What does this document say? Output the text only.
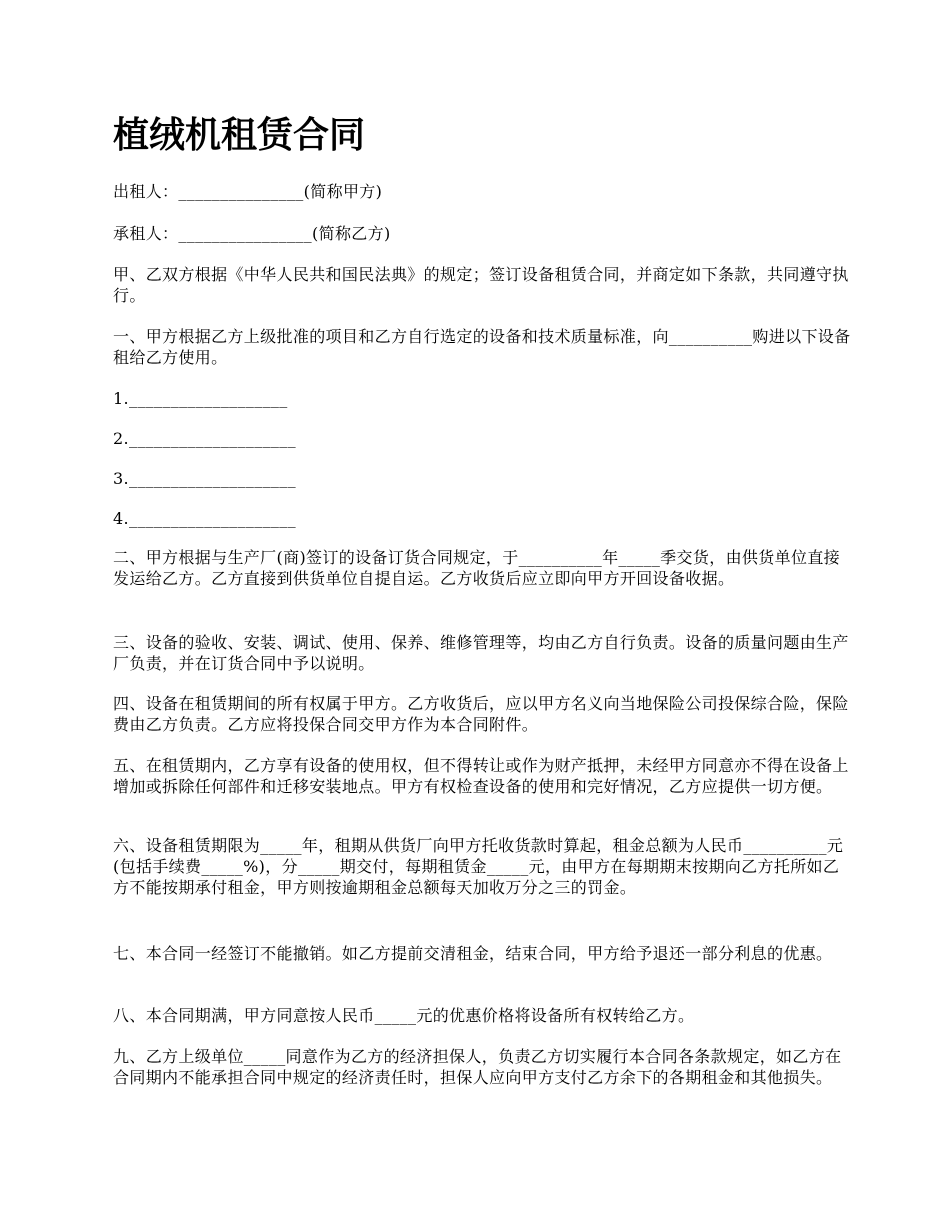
植绒机租赁合同

出租人：_______________(简称甲方)

承租人：________________(简称乙方)

甲、乙双方根据《中华人民共和国民法典》的规定；签订设备租赁合同，并商定如下条款，共同遵守执行。

一、甲方根据乙方上级批准的项目和乙方自行选定的设备和技术质量标准，向__________购进以下设备租给乙方使用。

1.___________________

2.____________________

3.____________________

4.____________________

二、甲方根据与生产厂(商)签订的设备订货合同规定，于__________年_____季交货，由供货单位直接发运给乙方。乙方直接到供货单位自提自运。乙方收货后应立即向甲方开回设备收据。

三、设备的验收、安装、调试、使用、保养、维修管理等，均由乙方自行负责。设备的质量问题由生产厂负责，并在订货合同中予以说明。

四、设备在租赁期间的所有权属于甲方。乙方收货后，应以甲方名义向当地保险公司投保综合险，保险费由乙方负责。乙方应将投保合同交甲方作为本合同附件。

五、在租赁期内，乙方享有设备的使用权，但不得转让或作为财产抵押，未经甲方同意亦不得在设备上增加或拆除任何部件和迁移安装地点。甲方有权检查设备的使用和完好情况，乙方应提供一切方便。

六、设备租赁期限为_____年，租期从供货厂向甲方托收货款时算起，租金总额为人民币__________元(包括手续费_____%)，分_____期交付，每期租赁金_____元，由甲方在每期期末按期向乙方托所如乙方不能按期承付租金，甲方则按逾期租金总额每天加收万分之三的罚金。

七、本合同一经签订不能撤销。如乙方提前交清租金，结束合同，甲方给予退还一部分利息的优惠。

八、本合同期满，甲方同意按人民币_____元的优惠价格将设备所有权转给乙方。

九、乙方上级单位_____同意作为乙方的经济担保人，负责乙方切实履行本合同各条款规定，如乙方在合同期内不能承担合同中规定的经济责任时，担保人应向甲方支付乙方余下的各期租金和其他损失。
